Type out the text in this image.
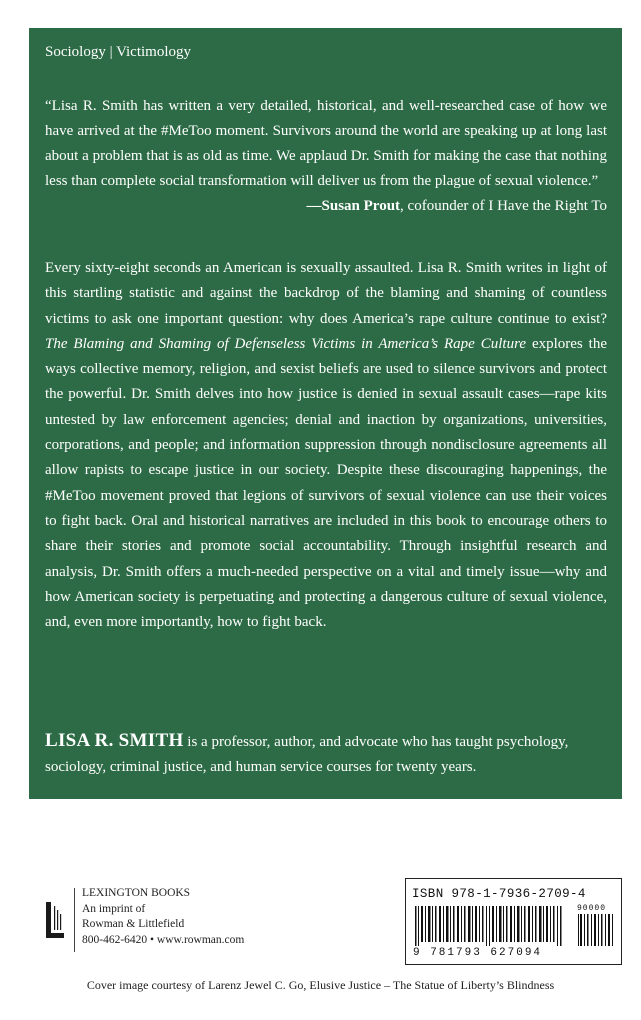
Sociology | Victimology

“Lisa R. Smith has written a very detailed, historical, and well-researched case of how we have arrived at the #MeToo moment. Survivors around the world are speaking up at long last about a problem that is as old as time. We applaud Dr. Smith for making the case that nothing less than complete social transformation will deliver us from the plague of sexual violence.”
—Susan Prout, cofounder of I Have the Right To

Every sixty-eight seconds an American is sexually assaulted. Lisa R. Smith writes in light of this startling statistic and against the backdrop of the blaming and shaming of countless victims to ask one important question: why does America’s rape culture continue to exist? The Blaming and Shaming of Defenseless Victims in America’s Rape Culture explores the ways collective memory, religion, and sexist beliefs are used to silence survivors and protect the powerful. Dr. Smith delves into how justice is denied in sexual assault cases—rape kits untested by law enforcement agencies; denial and inaction by organizations, universities, corporations, and people; and information suppression through nondisclosure agreements all allow rapists to escape justice in our society. Despite these discouraging happenings, the #MeToo movement proved that legions of survivors of sexual violence can use their voices to fight back. Oral and historical narratives are included in this book to encourage others to share their stories and promote social accountability. Through insightful research and analysis, Dr. Smith offers a much-needed perspective on a vital and timely issue—why and how American society is perpetuating and protecting a dangerous culture of sexual violence, and, even more importantly, how to fight back.

LISA R. SMITH is a professor, author, and advocate who has taught psychology, sociology, criminal justice, and human service courses for twenty years.

LEXINGTON BOOKS
An imprint of
Rowman & Littlefield
800-462-6420 • www.rowman.com
ISBN 978-1-7936-2709-4
90000
9 781793 627094
Cover image courtesy of Larenz Jewel C. Go, Elusive Justice – The Statue of Liberty’s Blindness
